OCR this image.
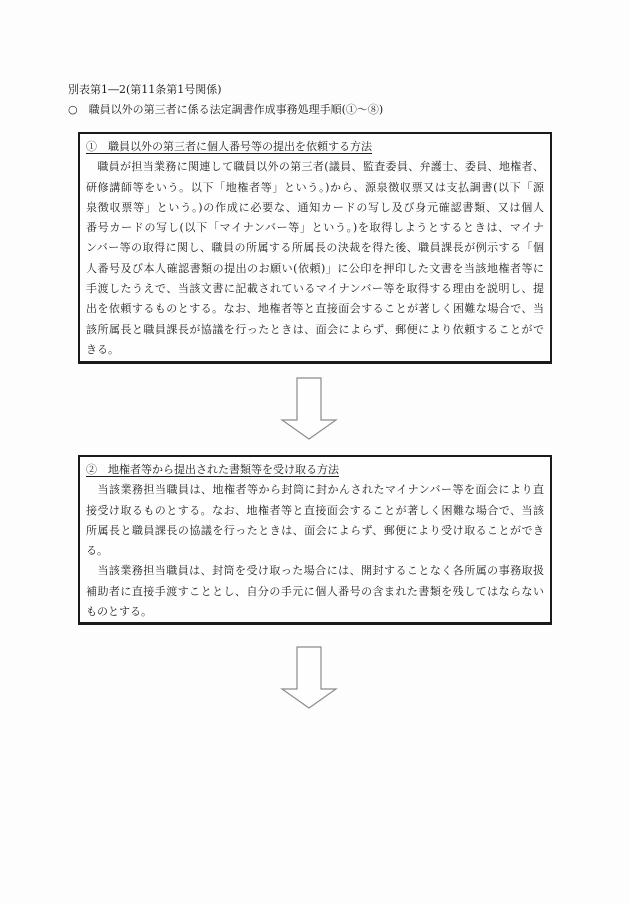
別表第1―2(第11条第1号関係)
○　職員以外の第三者に係る法定調書作成事務処理手順(①～⑧)
①　職員以外の第三者に個人番号等の提出を依頼する方法
　職員が担当業務に関連して職員以外の第三者(議員、監査委員、弁護士、委員、地権者、
研修講師等をいう。以下「地権者等」という。)から、源泉徴収票又は支払調書(以下「源
泉徴収票等」という。)の作成に必要な、通知カードの写し及び身元確認書類、又は個人
番号カードの写し(以下「マイナンバー等」という。)を取得しようとするときは、マイナ
ンバー等の取得に関し、職員の所属する所属長の決裁を得た後、職員課長が例示する「個
人番号及び本人確認書類の提出のお願い(依頼)」に公印を押印した文書を当該地権者等に
手渡したうえで、当該文書に記載されているマイナンバー等を取得する理由を説明し、提
出を依頼するものとする。なお、地権者等と直接面会することが著しく困難な場合で、当
該所属長と職員課長が協議を行ったときは、面会によらず、郵便により依頼することがで
きる。
②　地権者等から提出された書類等を受け取る方法
　当該業務担当職員は、地権者等から封筒に封かんされたマイナンバー等を面会により直
接受け取るものとする。なお、地権者等と直接面会することが著しく困難な場合で、当該
所属長と職員課長の協議を行ったときは、面会によらず、郵便により受け取ることができ
る。
　当該業務担当職員は、封筒を受け取った場合には、開封することなく各所属の事務取扱
補助者に直接手渡すこととし、自分の手元に個人番号の含まれた書類を残してはならない
ものとする。
